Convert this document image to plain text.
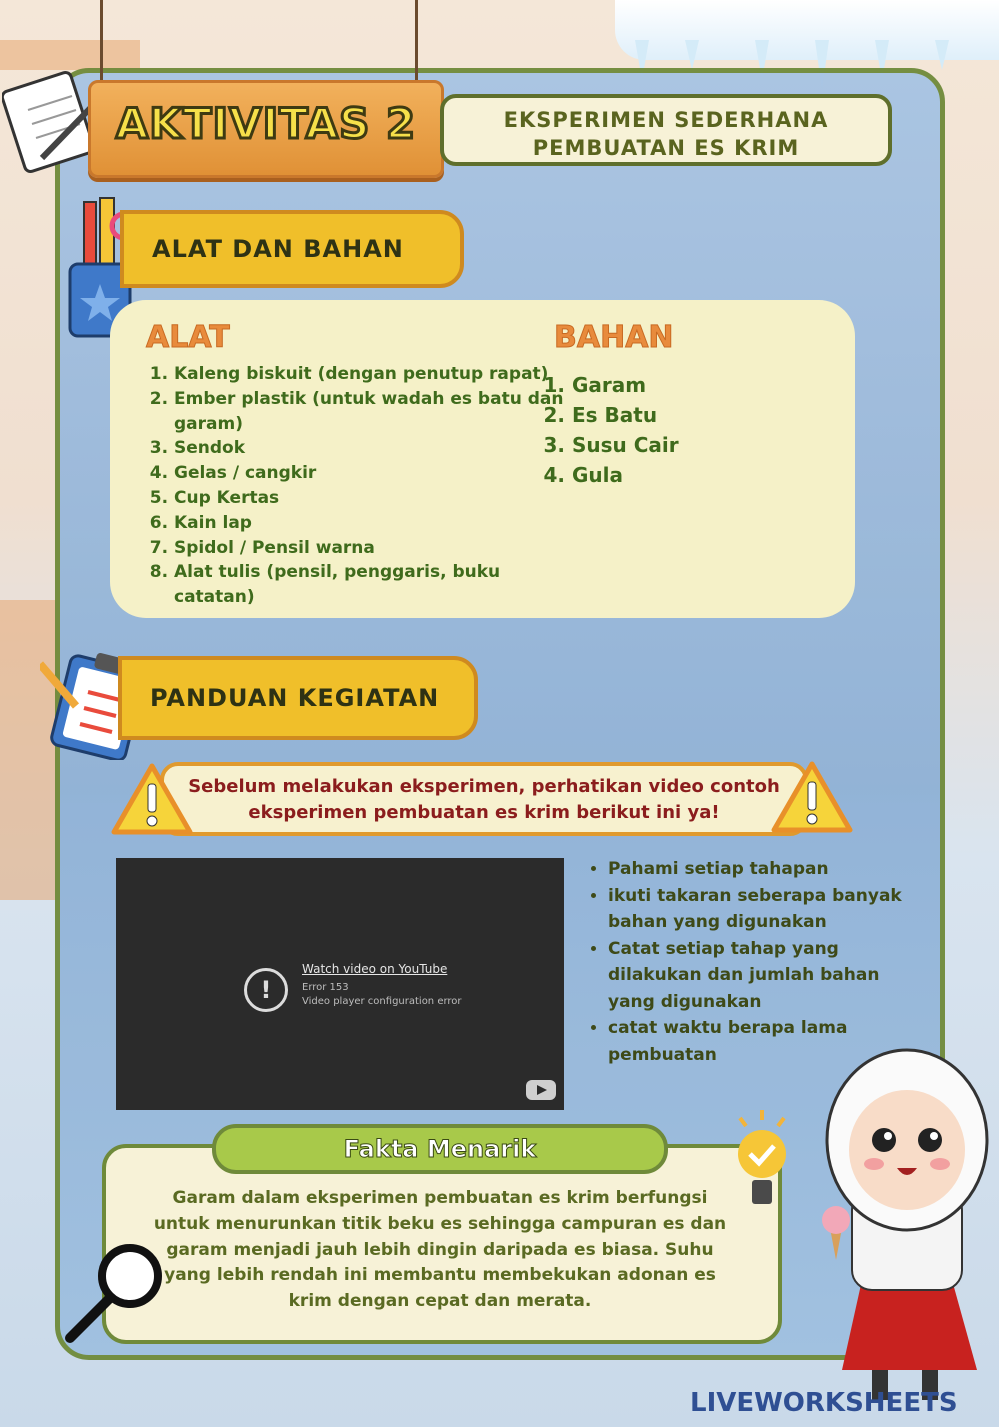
AKTIVITAS 2	EKSPERIMEN SEDERHANA
PEMBUATAN ES KRIM
ALAT DAN BAHAN
ALAT	BAHAN
1. Kaleng biskuit (dengan penutup rapat)
2. Ember plastik (untuk wadah es batu dan garam)
3. Sendok
4. Gelas / cangkir
5. Cup Kertas
6. Kain lap
7. Spidol / Pensil warna
8. Alat tulis (pensil, penggaris, buku catatan)
1. Garam
2. Es Batu
3. Susu Cair
4. Gula
PANDUAN KEGIATAN
Sebelum melakukan eksperimen, perhatikan video contoh
eksperimen pembuatan es krim berikut ini ya!
!
Watch video on YouTube
Error 153
Video player configuration error
• Pahami setiap tahapan
• ikuti takaran seberapa banyak bahan yang digunakan
• Catat setiap tahap yang dilakukan dan jumlah bahan yang digunakan
• catat waktu berapa lama pembuatan
Fakta Menarik
Garam dalam eksperimen pembuatan es krim berfungsi untuk menurunkan titik beku es sehingga campuran es dan garam menjadi jauh lebih dingin daripada es biasa. Suhu yang lebih rendah ini membantu membekukan adonan es krim dengan cepat dan merata.
LIVEWORKSHEETS
